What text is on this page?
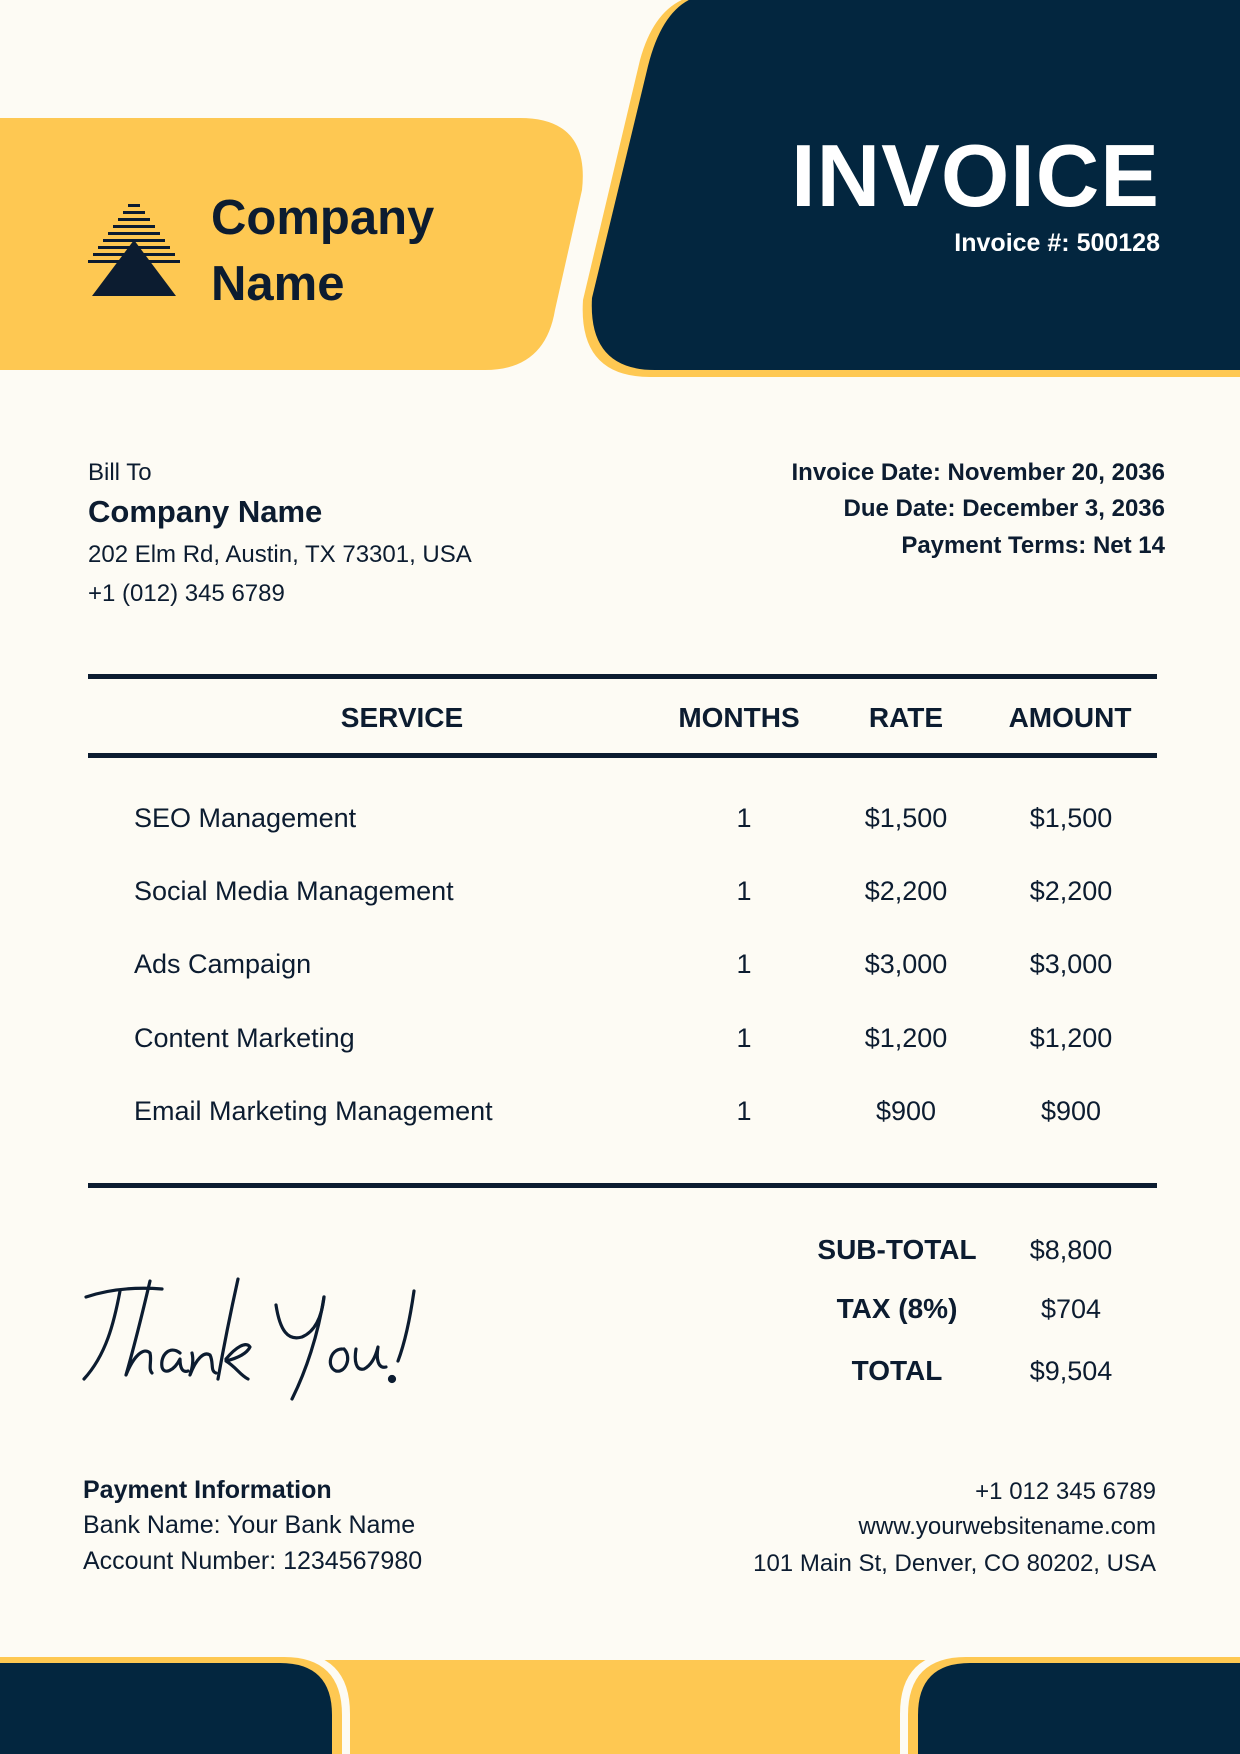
Company
Name
INVOICE
Invoice #: 500128
Bill To
Company Name
202 Elm Rd, Austin, TX 73301, USA
+1 (012) 345 6789
Invoice Date: November 20, 2036
Due Date: December 3, 2036
Payment Terms: Net 14
SERVICE	MONTHS	RATE	AMOUNT
SEO Management	1	$1,500	$1,500
Social Media Management	1	$2,200	$2,200
Ads Campaign	1	$3,000	$3,000
Content Marketing	1	$1,200	$1,200
Email Marketing Management	1	$900	$900
SUB-TOTAL	$8,800
TAX (8%)	$704
TOTAL	$9,504
Payment Information
Bank Name: Your Bank Name
Account Number: 1234567980
+1 012 345 6789
www.yourwebsitename.com
101 Main St, Denver, CO 80202, USA
